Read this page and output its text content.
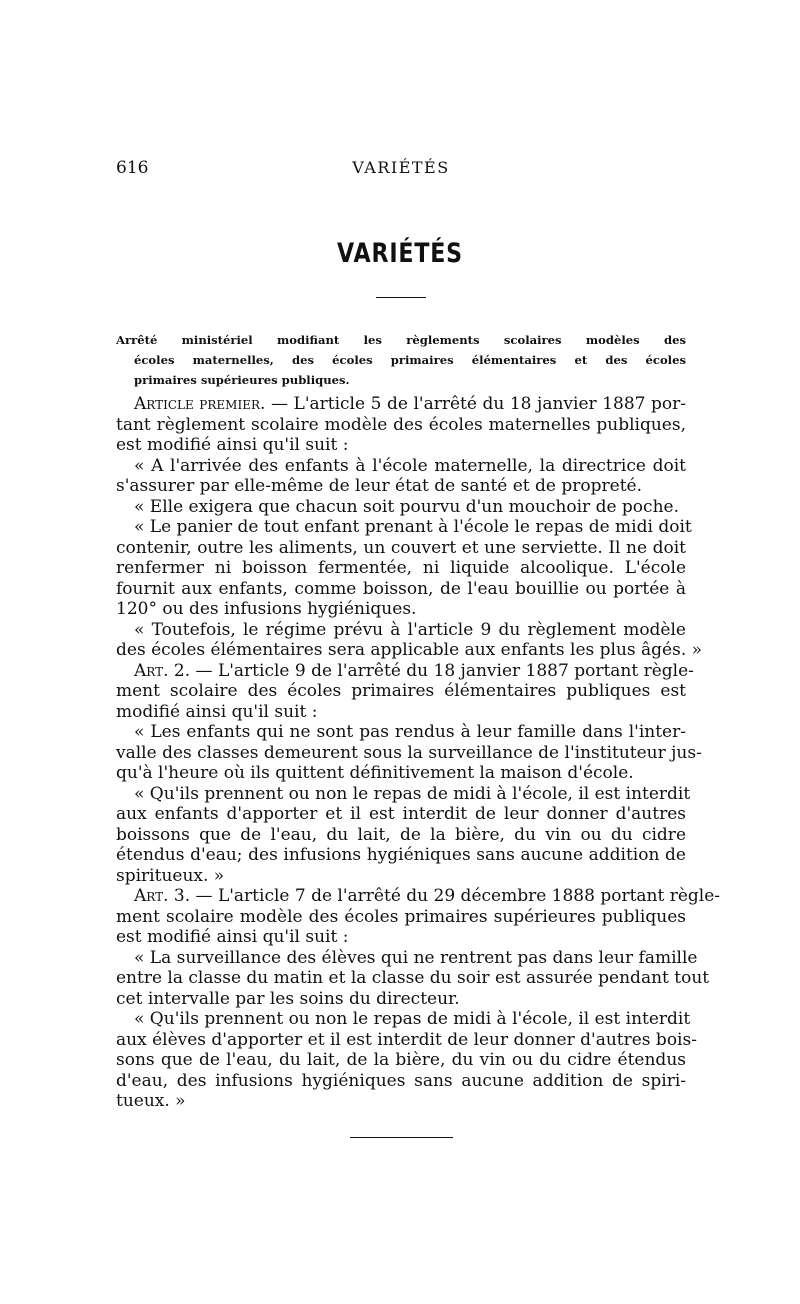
616	VARIÉTÉS
VARIÉTÉS
Arrêté ministériel modifiant les règlements scolaires modèles des
écoles maternelles, des écoles primaires élémentaires et des écoles
primaires supérieures publiques.
Article premier. — L'article 5 de l'arrêté du 18 janvier 1887 por-
tant règlement scolaire modèle des écoles maternelles publiques,
est modifié ainsi qu'il suit :
« A l'arrivée des enfants à l'école maternelle, la directrice doit
s'assurer par elle-même de leur état de santé et de propreté.
« Elle exigera que chacun soit pourvu d'un mouchoir de poche.
« Le panier de tout enfant prenant à l'école le repas de midi doit
contenir, outre les aliments, un couvert et une serviette. Il ne doit
renfermer ni boisson fermentée, ni liquide alcoolique. L'école
fournit aux enfants, comme boisson, de l'eau bouillie ou portée à
120° ou des infusions hygiéniques.
« Toutefois, le régime prévu à l'article 9 du règlement modèle
des écoles élémentaires sera applicable aux enfants les plus âgés. »
Art. 2. — L'article 9 de l'arrêté du 18 janvier 1887 portant règle-
ment scolaire des écoles primaires élémentaires publiques est
modifié ainsi qu'il suit :
« Les enfants qui ne sont pas rendus à leur famille dans l'inter-
valle des classes demeurent sous la surveillance de l'instituteur jus-
qu'à l'heure où ils quittent définitivement la maison d'école.
« Qu'ils prennent ou non le repas de midi à l'école, il est interdit
aux enfants d'apporter et il est interdit de leur donner d'autres
boissons que de l'eau, du lait, de la bière, du vin ou du cidre
étendus d'eau; des infusions hygiéniques sans aucune addition de
spiritueux. »
Art. 3. — L'article 7 de l'arrêté du 29 décembre 1888 portant règle-
ment scolaire modèle des écoles primaires supérieures publiques
est modifié ainsi qu'il suit :
« La surveillance des élèves qui ne rentrent pas dans leur famille
entre la classe du matin et la classe du soir est assurée pendant tout
cet intervalle par les soins du directeur.
« Qu'ils prennent ou non le repas de midi à l'école, il est interdit
aux élèves d'apporter et il est interdit de leur donner d'autres bois-
sons que de l'eau, du lait, de la bière, du vin ou du cidre étendus
d'eau, des infusions hygiéniques sans aucune addition de spiri-
tueux. »
